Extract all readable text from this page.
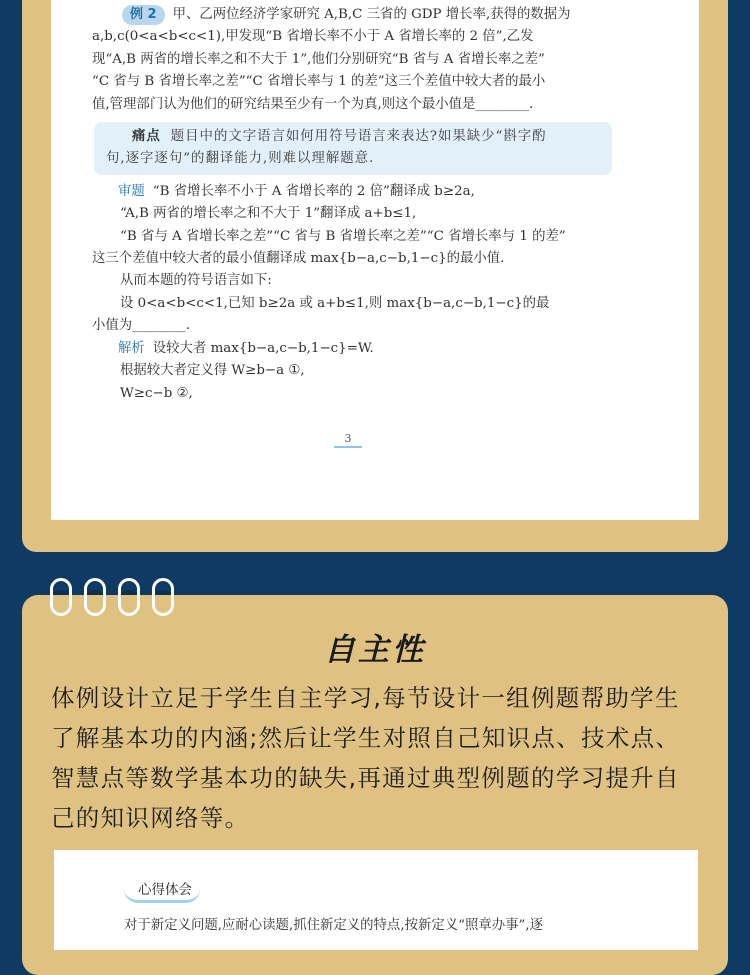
例 2 甲、乙两位经济学家研究 A,B,C 三省的 GDP 增长率,获得的数据为

a,b,c(0<a<b<c<1),甲发现“B 省增长率不小于 A 省增长率的 2 倍”,乙发

现“A,B 两省的增长率之和不大于 1”,他们分别研究“B 省与 A 省增长率之差”

“C 省与 B 省增长率之差”“C 省增长率与 1 的差”这三个差值中较大者的最小

值,管理部门认为他们的研究结果至少有一个为真,则这个最小值是________.

痛点 题目中的文字语言如何用符号语言来表达?如果缺少“斟字酌

句,逐字逐句”的翻译能力,则难以理解题意.

审题 “B 省增长率不小于 A 省增长率的 2 倍”翻译成 b≥2a,

“A,B 两省的增长率之和不大于 1”翻译成 a+b≤1,

“B 省与 A 省增长率之差”“C 省与 B 省增长率之差”“C 省增长率与 1 的差”

这三个差值中较大者的最小值翻译成 max{b−a,c−b,1−c}的最小值.

从而本题的符号语言如下:

设 0<a<b<c<1,已知 b≥2a 或 a+b≤1,则 max{b−a,c−b,1−c}的最

小值为________.

解析 设较大者 max{b−a,c−b,1−c}=W.

根据较大者定义得 W≥b−a ①,

W≥c−b ②,

3
自主性
体例设计立足于学生自主学习,每节设计一组例题帮助学生了解基本功的内涵;然后让学生对照自己知识点、技术点、智慧点等数学基本功的缺失,再通过典型例题的学习提升自己的知识网络等。
心得体会
对于新定义问题,应耐心读题,抓住新定义的特点,按新定义“照章办事”,逐
